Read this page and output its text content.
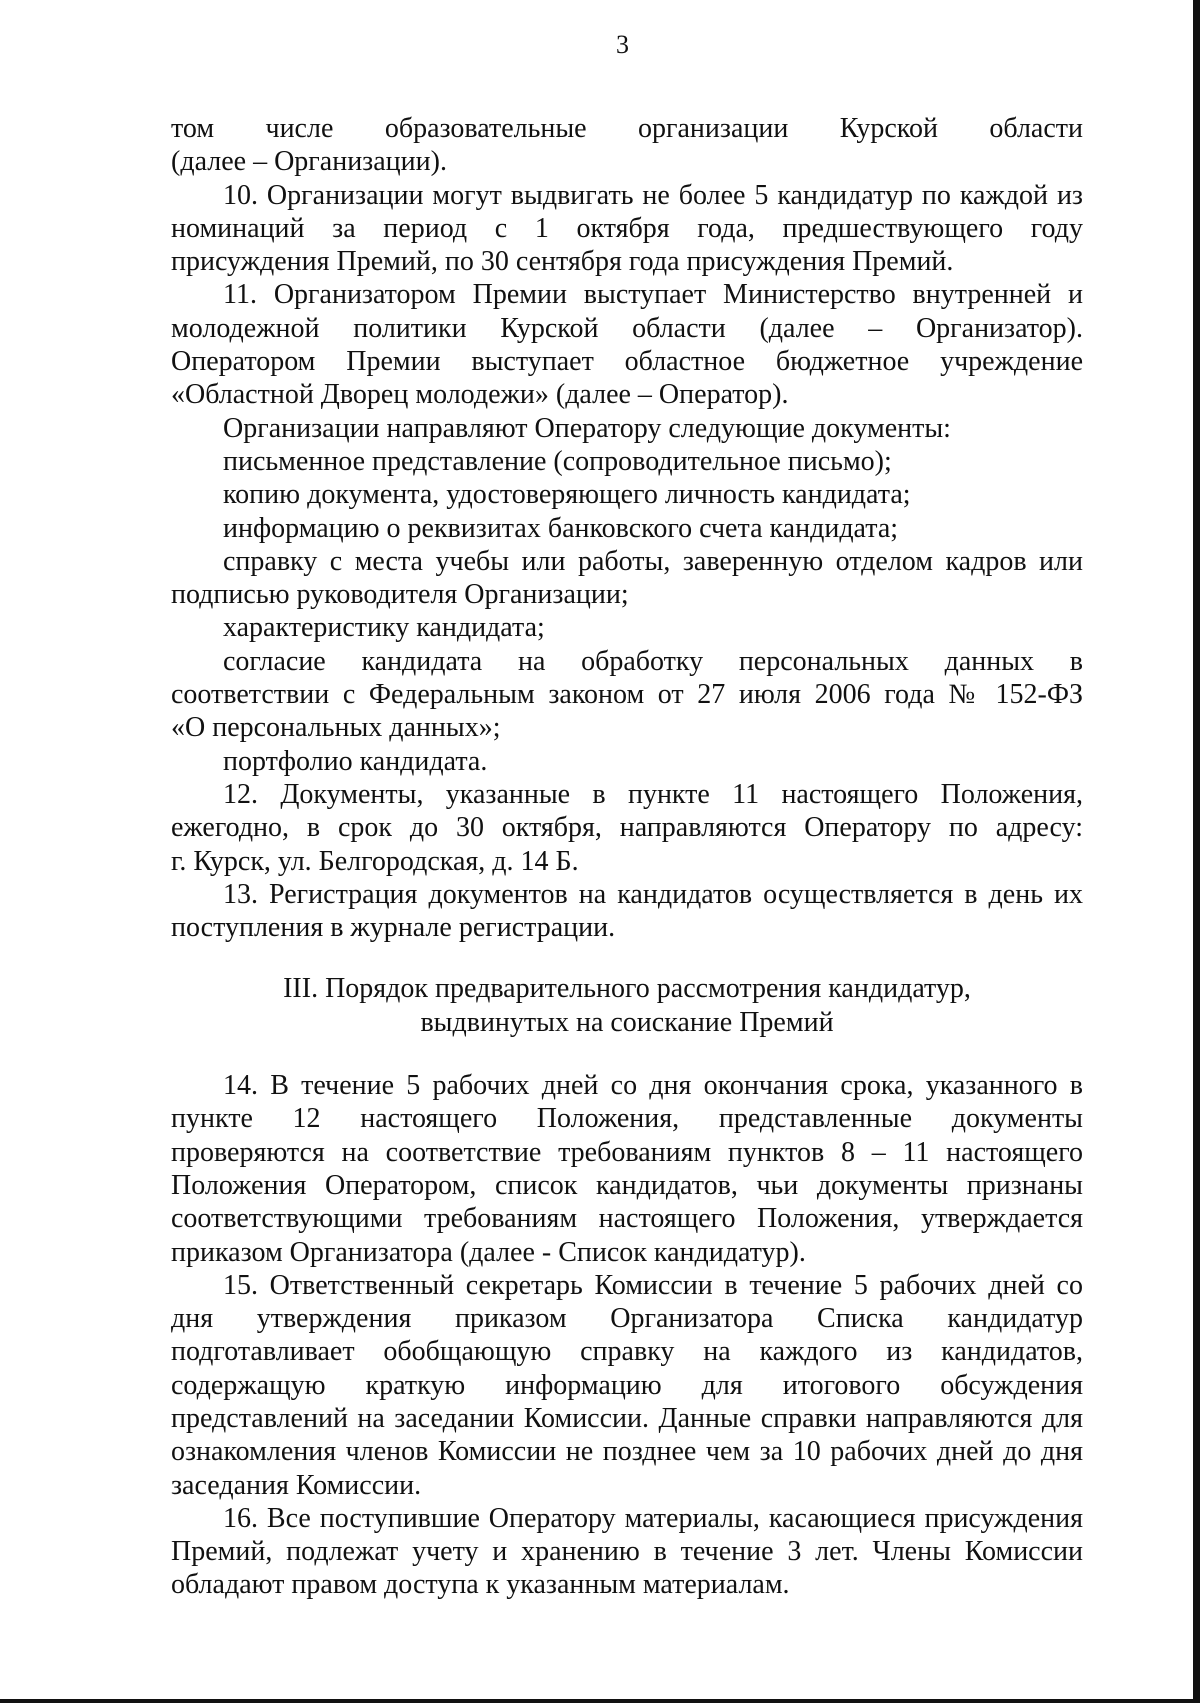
3
том числе образовательные организации Курской области
(далее – Организации).
10. Организации могут выдвигать не более 5 кандидатур по каждой из
номинаций за период с 1 октября года, предшествующего году
присуждения Премий, по 30 сентября года присуждения Премий.
11. Организатором Премии выступает Министерство внутренней и
молодежной политики Курской области (далее – Организатор).
Оператором Премии выступает областное бюджетное учреждение
«Областной Дворец молодежи» (далее – Оператор).
Организации направляют Оператору следующие документы:
письменное представление (сопроводительное письмо);
копию документа, удостоверяющего личность кандидата;
информацию о реквизитах банковского счета кандидата;
справку с места учебы или работы, заверенную отделом кадров или
подписью руководителя Организации;
характеристику кандидата;
согласие кандидата на обработку персональных данных в
соответствии с Федеральным законом от 27 июля 2006 года № 152-ФЗ
«О персональных данных»;
портфолио кандидата.
12. Документы, указанные в пункте 11 настоящего Положения,
ежегодно, в срок до 30 октября, направляются Оператору по адресу:
г. Курск, ул. Белгородская, д. 14 Б.
13. Регистрация документов на кандидатов осуществляется в день их
поступления в журнале регистрации.
III. Порядок предварительного рассмотрения кандидатур,
выдвинутых на соискание Премий
14. В течение 5 рабочих дней со дня окончания срока, указанного в
пункте 12 настоящего Положения, представленные документы
проверяются на соответствие требованиям пунктов 8 – 11 настоящего
Положения Оператором, список кандидатов, чьи документы признаны
соответствующими требованиям настоящего Положения, утверждается
приказом Организатора (далее - Список кандидатур).
15. Ответственный секретарь Комиссии в течение 5 рабочих дней со
дня утверждения приказом Организатора Списка кандидатур
подготавливает обобщающую справку на каждого из кандидатов,
содержащую краткую информацию для итогового обсуждения
представлений на заседании Комиссии. Данные справки направляются для
ознакомления членов Комиссии не позднее чем за 10 рабочих дней до дня
заседания Комиссии.
16. Все поступившие Оператору материалы, касающиеся присуждения
Премий, подлежат учету и хранению в течение 3 лет. Члены Комиссии
обладают правом доступа к указанным материалам.
